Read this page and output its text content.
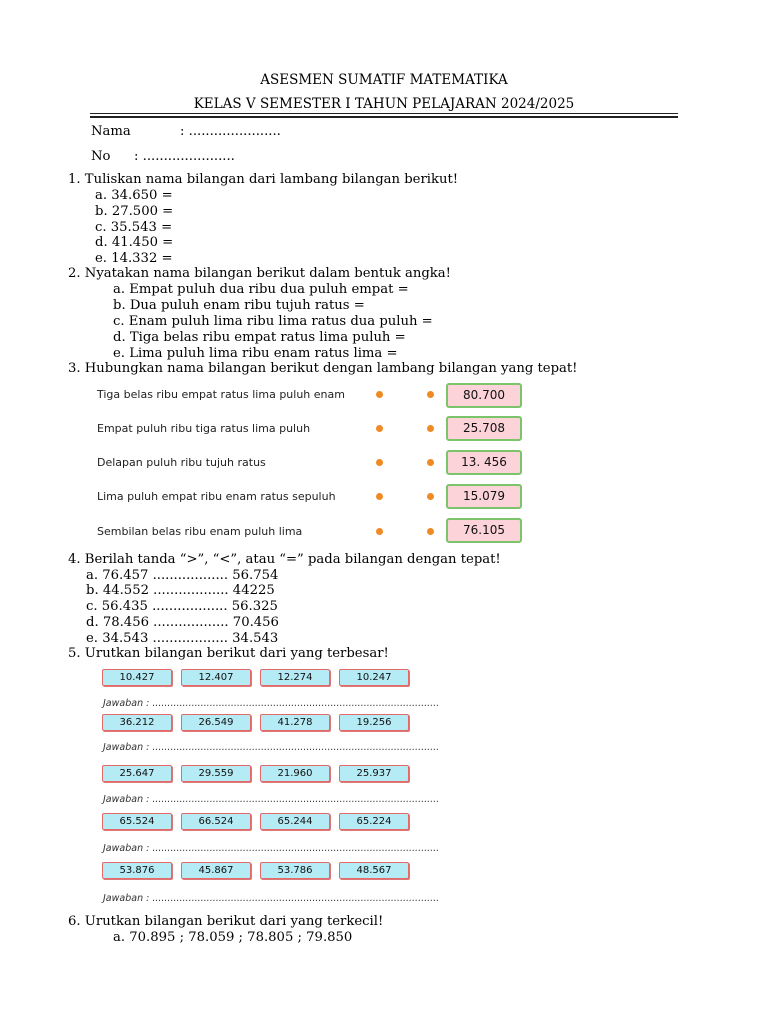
ASESMEN SUMATIF MATEMATIKA
KELAS V SEMESTER I TAHUN PELAJARAN 2024/2025
Nama	: ......................
No : ......................
1. Tuliskan nama bilangan dari lambang bilangan berikut!
a. 34.650 =
b. 27.500 =
c. 35.543 =
d. 41.450 =
e. 14.332 =
2. Nyatakan nama bilangan berikut dalam bentuk angka!
a. Empat puluh dua ribu dua puluh empat =
b. Dua puluh enam ribu tujuh ratus =
c. Enam puluh lima ribu lima ratus dua puluh =
d. Tiga belas ribu empat ratus lima puluh =
e. Lima puluh lima ribu enam ratus lima =
3. Hubungkan nama bilangan berikut dengan lambang bilangan yang tepat!
Tiga belas ribu empat ratus lima puluh enam	80.700
Empat puluh ribu tiga ratus lima puluh	25.708
Delapan puluh ribu tujuh ratus	13. 456
Lima puluh empat ribu enam ratus sepuluh	15.079
Sembilan belas ribu enam puluh lima	76.105
4. Berilah tanda “>”, “<”, atau “=” pada bilangan dengan tepat!
a. 76.457 .................. 56.754
b. 44.552 .................. 44225
c. 56.435 .................. 56.325
d. 78.456 .................. 70.456
e. 34.543 .................. 34.543
5. Urutkan bilangan berikut dari yang terbesar!
10.427	12.407	12.274	10.247
Jawaban : ...............................................................................................
36.212	26.549	41.278	19.256
Jawaban : ...............................................................................................
25.647	29.559	21.960	25.937
Jawaban : ...............................................................................................
65.524	66.524	65.244	65.224
Jawaban : ...............................................................................................
53.876	45.867	53.786	48.567
Jawaban : ...............................................................................................
6. Urutkan bilangan berikut dari yang terkecil!
a. 70.895 ; 78.059 ; 78.805 ; 79.850
